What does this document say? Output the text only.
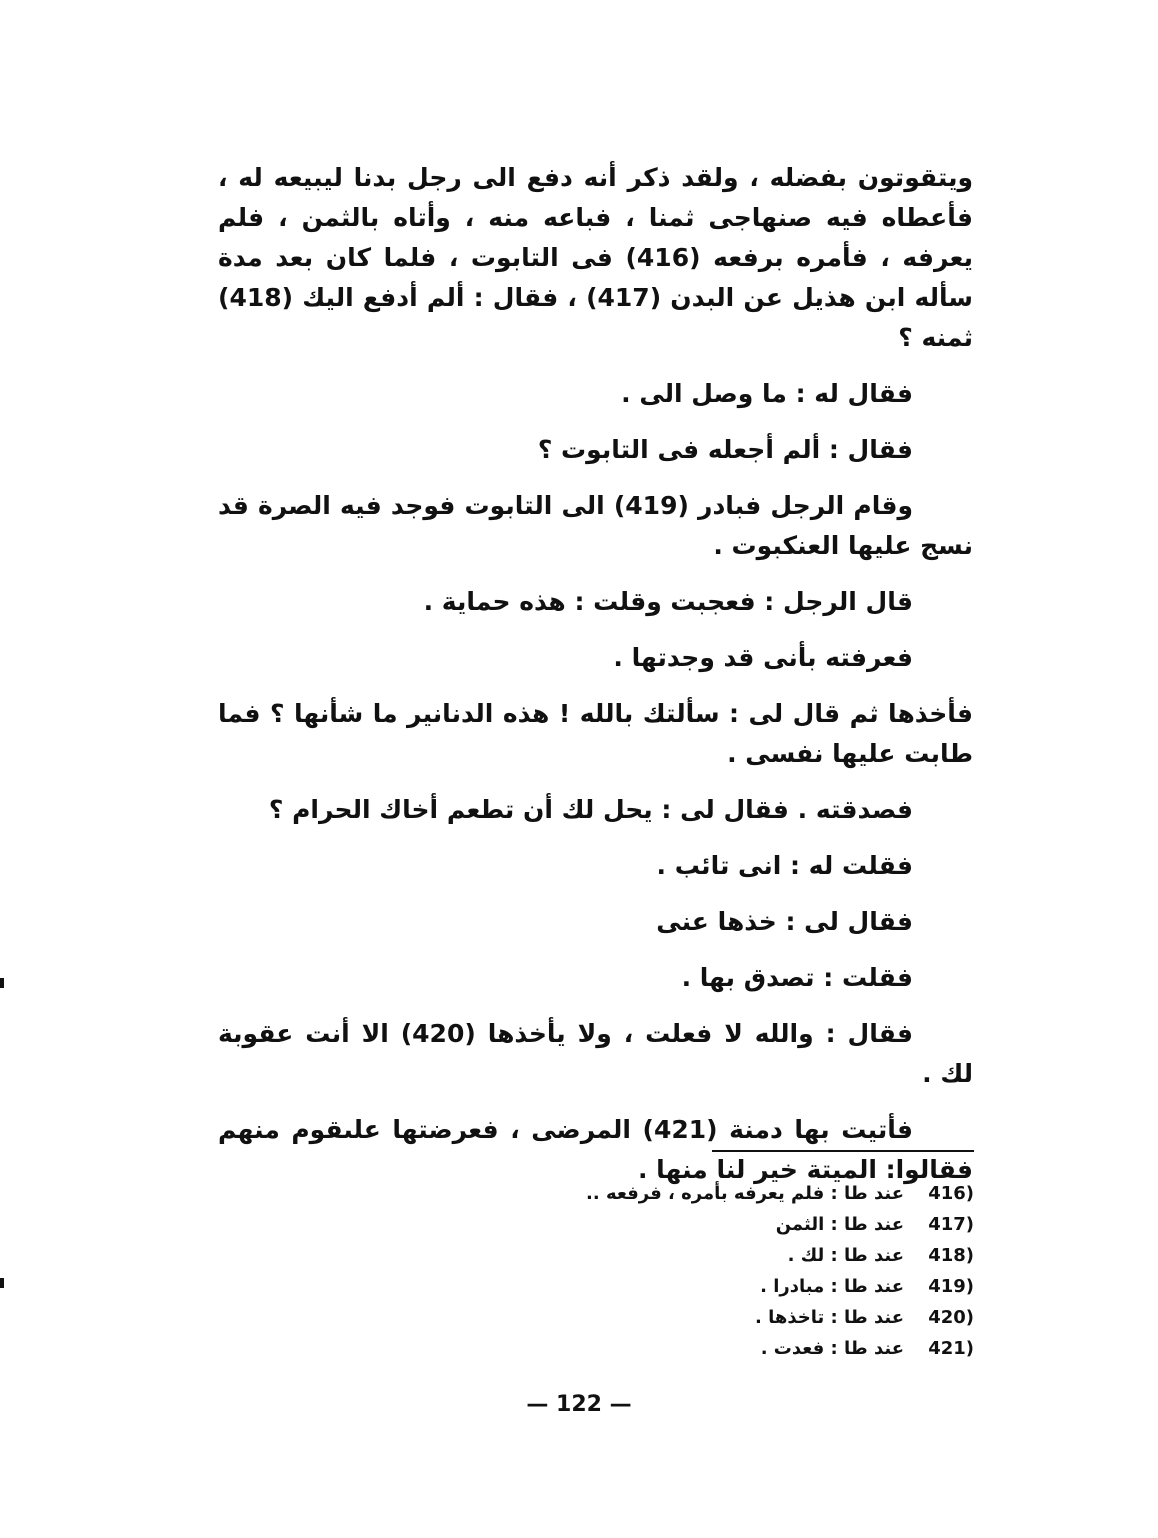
ويتقوتون بفضله ، ولقد ذكر أنه دفع الى رجل بدنا ليبيعه له ، فأعطاه فيه صنهاجى ثمنا ، فباعه منه ، وأتاه بالثمن ، فلم يعرفه ، فأمره برفعه (416) فى التابوت ، فلما كان بعد مدة سأله ابن هذيل عن البدن (417) ، فقال : ألم أدفع اليك (418) ثمنه ؟

فقال له : ما وصل الى .

فقال : ألم أجعله فى التابوت ؟

وقام الرجل فبادر (419) الى التابوت فوجد فيه الصرة قد نسج عليها العنكبوت .

قال الرجل : فعجبت وقلت : هذه حماية .

فعرفته بأنى قد وجدتها .

فأخذها ثم قال لى : سألتك بالله ! هذه الدنانير ما شأنها ؟ فما طابت عليها نفسى .

فصدقته . فقال لى : يحل لك أن تطعم أخاك الحرام ؟

فقلت له : انى تائب .

فقال لى : خذها عنى

فقلت : تصدق بها .

فقال : والله لا فعلت ، ولا يأخذها (420) الا أنت عقوبة لك .

فأتيت بها دمنة (421) المرضى ، فعرضتها علىقوم منهم فقالوا: الميتة خير لنا منها .

416)
عند طا : فلم يعرفه بأمره ، فرفعه ..
417)
عند طا : الثمن
418)
عند طا : لك .
419)
عند طا : مبادرا .
420)
عند طا : تاخذها .
421)
عند طا : فعدت .
— 122 —
